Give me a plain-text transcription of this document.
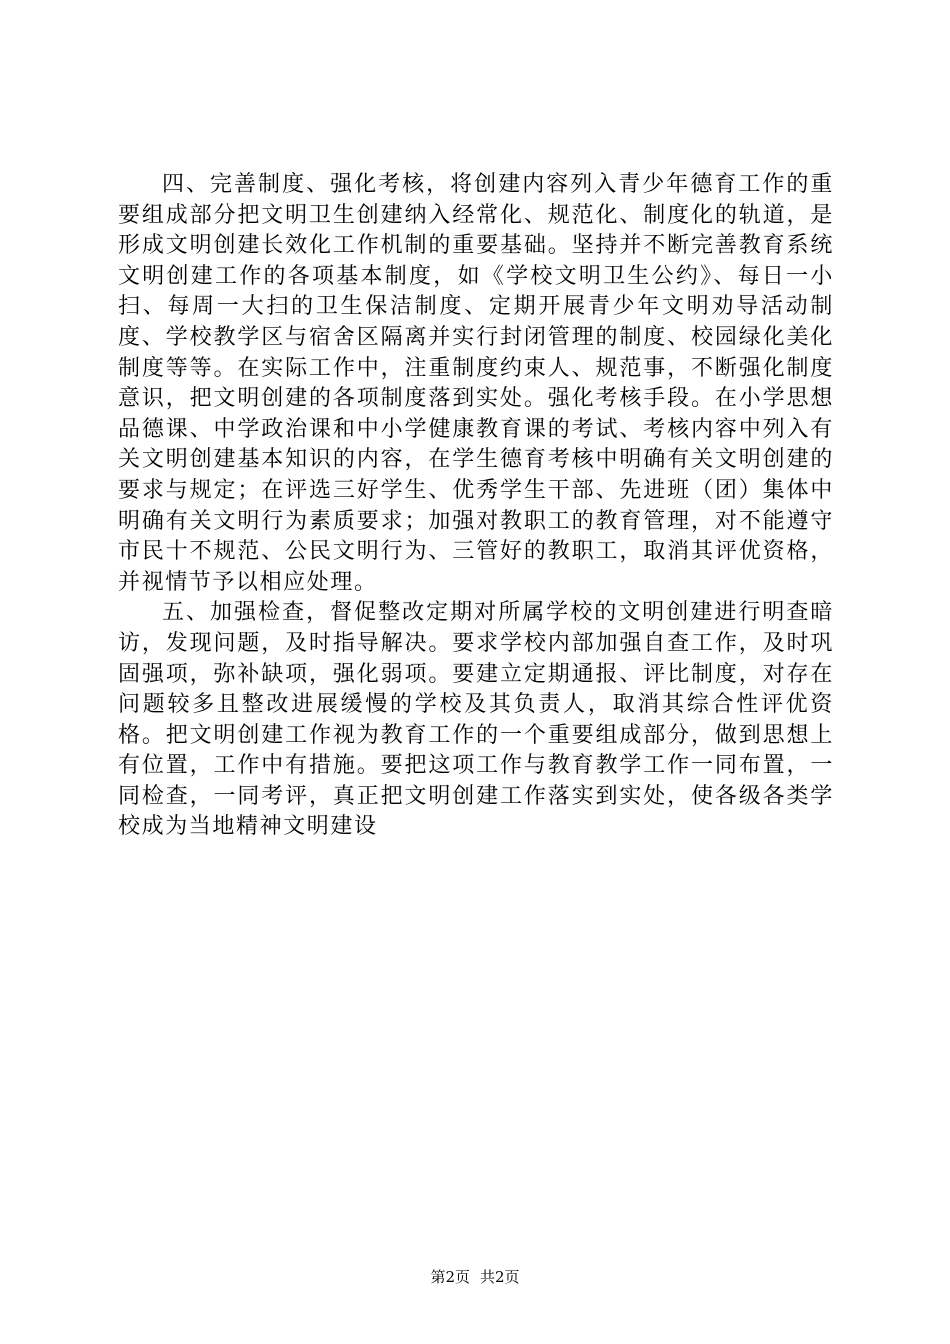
四、完善制度、强化考核，将创建内容列入青少年德育工作的重要组成部分把文明卫生创建纳入经常化、规范化、制度化的轨道，是形成文明创建长效化工作机制的重要基础。坚持并不断完善教育系统文明创建工作的各项基本制度，如《学校文明卫生公约》、每日一小扫、每周一大扫的卫生保洁制度、定期开展青少年文明劝导活动制度、学校教学区与宿舍区隔离并实行封闭管理的制度、校园绿化美化制度等等。在实际工作中，注重制度约束人、规范事，不断强化制度意识，把文明创建的各项制度落到实处。强化考核手段。在小学思想品德课、中学政治课和中小学健康教育课的考试、考核内容中列入有关文明创建基本知识的内容，在学生德育考核中明确有关文明创建的要求与规定；在评选三好学生、优秀学生干部、先进班（团）集体中明确有关文明行为素质要求；加强对教职工的教育管理，对不能遵守市民十不规范、公民文明行为、三管好的教职工，取消其评优资格，并视情节予以相应处理。

五、加强检查，督促整改定期对所属学校的文明创建进行明查暗访，发现问题，及时指导解决。要求学校内部加强自查工作，及时巩固强项，弥补缺项，强化弱项。要建立定期通报、评比制度，对存在问题较多且整改进展缓慢的学校及其负责人，取消其综合性评优资格。把文明创建工作视为教育工作的一个重要组成部分，做到思想上有位置，工作中有措施。要把这项工作与教育教学工作一同布置，一同检查，一同考评，真正把文明创建工作落实到实处，使各级各类学校成为当地精神文明建设

第2页 共2页
